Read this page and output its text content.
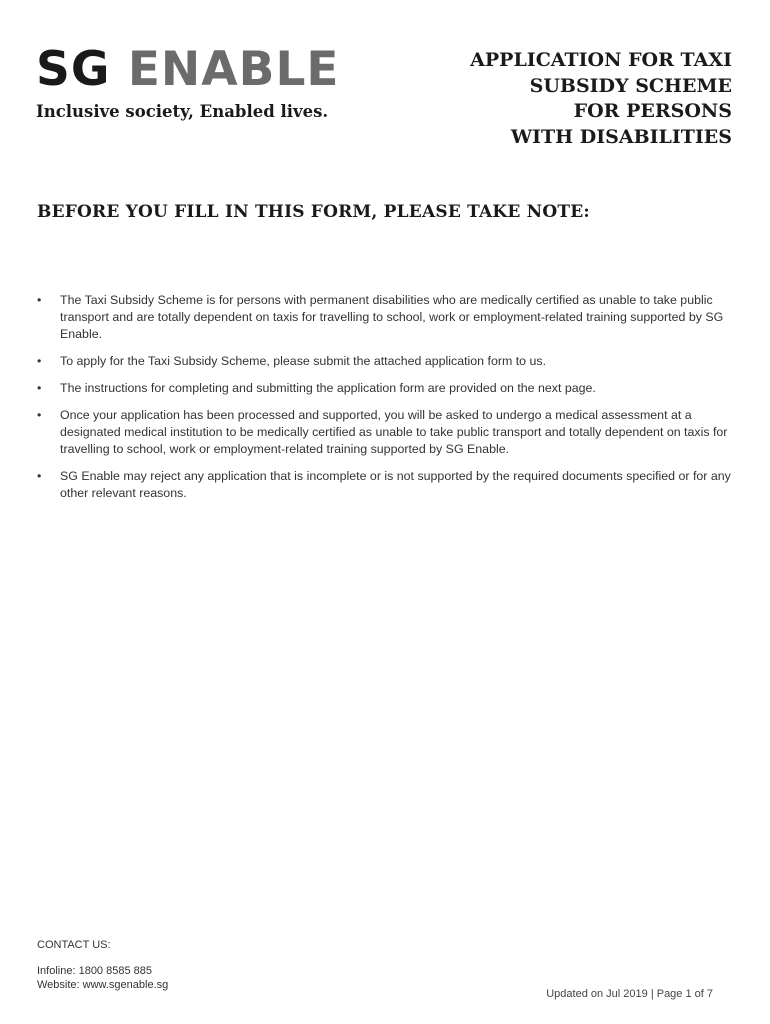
SG ENABLE
Inclusive society, Enabled lives.
APPLICATION FOR TAXI
SUBSIDY SCHEME
FOR PERSONS
WITH DISABILITIES
BEFORE YOU FILL IN THIS FORM, PLEASE TAKE NOTE:
• The Taxi Subsidy Scheme is for persons with permanent disabilities who are medically certified as unable to take public transport and are totally dependent on taxis for travelling to school, work or employment-related training supported by SG Enable.
• To apply for the Taxi Subsidy Scheme, please submit the attached application form to us.
• The instructions for completing and submitting the application form are provided on the next page.
• Once your application has been processed and supported, you will be asked to undergo a medical assessment at a designated medical institution to be medically certified as unable to take public transport and totally dependent on taxis for travelling to school, work or employment-related training supported by SG Enable.
• SG Enable may reject any application that is incomplete or is not supported by the required documents specified or for any other relevant reasons.
CONTACT US:
Infoline: 1800 8585 885
Website: www.sgenable.sg
Updated on Jul 2019 | Page 1 of 7
